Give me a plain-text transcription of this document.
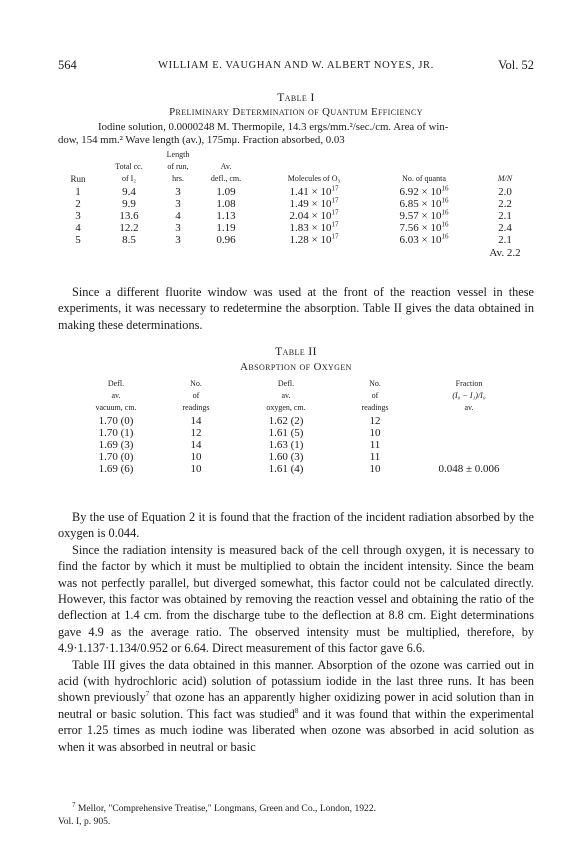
564	WILLIAM E. VAUGHAN AND W. ALBERT NOYES, JR.	Vol. 52
Table I
Preliminary Determination of Quantum Efficiency
Iodine solution, 0.0000248 M. Thermopile, 14.3 ergs/mm.²/sec./cm. Area of win-
dow, 154 mm.² Wave length (av.), 175mμ. Fraction absorbed, 0.03
		Length				
	Total cc.	of run,	Av.			
Run	of I₂	hrs.	defl., cm.	Molecules of O₃	No. of quanta	M/N
1	9.4	3	1.09	$1.41 \times 10^{17}$	$6.92 \times 10^{16}$	2.0
2	9.9	3	1.08	$1.49 \times 10^{17}$	$6.85 \times 10^{16}$	2.2
3	13.6	4	1.13	$2.04 \times 10^{17}$	$9.57 \times 10^{16}$	2.1
4	12.2	3	1.19	$1.83 \times 10^{17}$	$7.56 \times 10^{16}$	2.4
5	8.5	3	0.96	$1.28 \times 10^{17}$	$6.03 \times 10^{16}$	2.1
						Av. 2.2

Since a different fluorite window was used at the front of the reaction vessel in these experiments, it was necessary to redetermine the absorption. Table II gives the data obtained in making these determinations.

Table II
Absorption of Oxygen
Defl.	No.	Defl.	No.	Fraction
av.	of	av.	of	(I₀ − I₁)/I₀
vacuum, cm.	readings	oxygen, cm.	readings	av.
1.70 (0)	14	1.62 (2)	12	
1.70 (1)	12	1.61 (5)	10	
1.69 (3)	14	1.63 (1)	11	
1.70 (0)	10	1.60 (3)	11	
1.69 (6)	10	1.61 (4)	10	0.048 ± 0.006

By the use of Equation 2 it is found that the fraction of the incident radiation absorbed by the oxygen is 0.044.

Since the radiation intensity is measured back of the cell through oxygen, it is necessary to find the factor by which it must be multiplied to obtain the incident intensity. Since the beam was not perfectly parallel, but diverged somewhat, this factor could not be calculated directly. However, this factor was obtained by removing the reaction vessel and obtaining the ratio of the deflection at 1.4 cm. from the discharge tube to the deflection at 8.8 cm. Eight determinations gave 4.9 as the average ratio. The observed intensity must be multiplied, therefore, by 4.9·1.137·1.134/0.952 or 6.64. Direct measurement of this factor gave 6.6.

Table III gives the data obtained in this manner. Absorption of the ozone was carried out in acid (with hydrochloric acid) solution of potassium iodide in the last three runs. It has been shown previously$^7$ that ozone has an apparently higher oxidizing power in acid solution than in neutral or basic solution. This fact was studied$^8$ and it was found that within the experimental error 1.25 times as much iodine was liberated when ozone was absorbed in acid solution as when it was absorbed in neutral or basic

$^7$ Mellor, "Comprehensive Treatise," Longmans, Green and Co., London, 1922.
Vol. I, p. 905.
